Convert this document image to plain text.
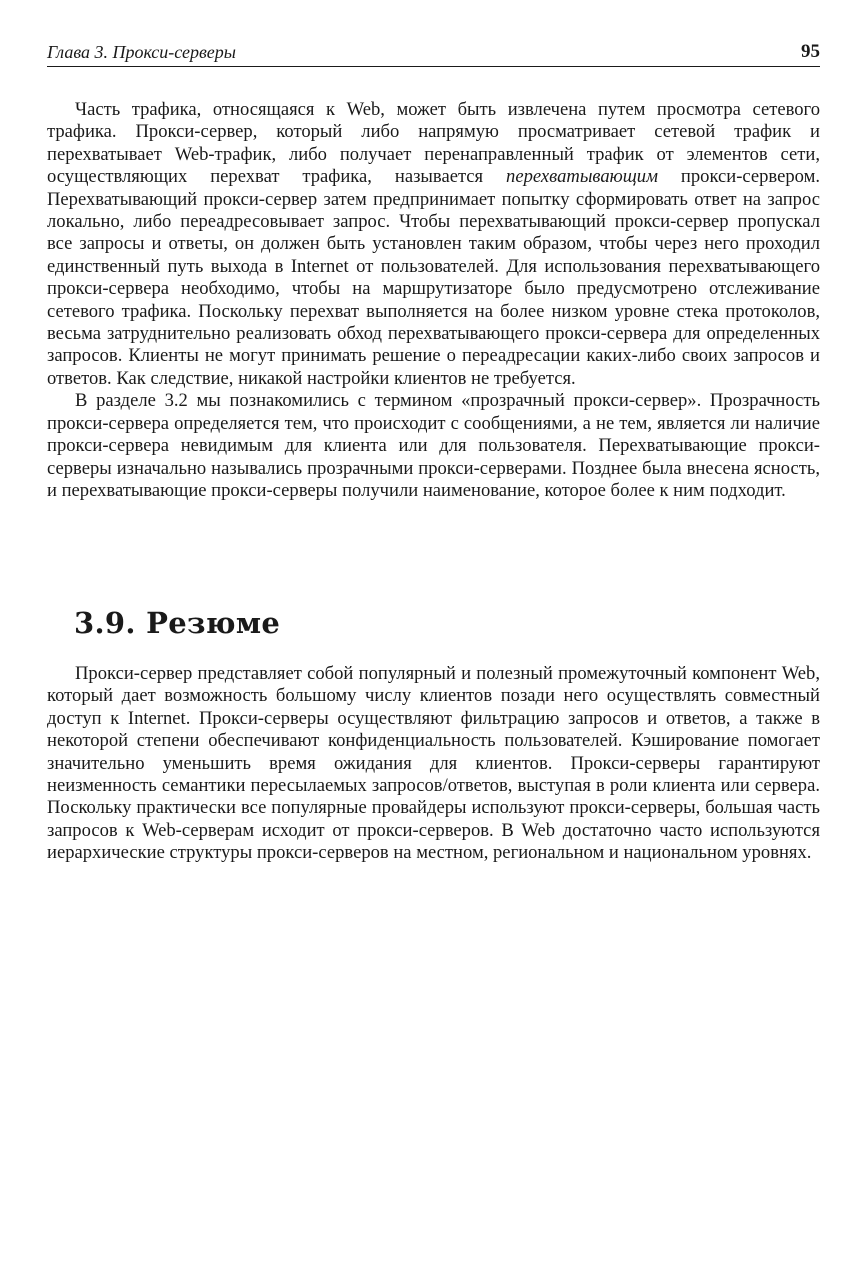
Глава 3. Прокси-серверы	95

Часть трафика, относящаяся к Web, может быть извлечена путем просмотра сетевого трафика. Прокси-сервер, который либо напрямую просматривает сетевой трафик и перехватывает Web-трафик, либо получает перенаправленный трафик от элементов сети, осуществляющих перехват трафика, называется перехватывающим прокси-сервером. Перехватывающий прокси-сервер затем предпринимает попытку сформировать ответ на запрос локально, либо переадресовывает запрос. Чтобы перехватывающий прокси-сервер пропускал все запросы и ответы, он должен быть установлен таким образом, чтобы через него проходил единственный путь выхода в Internet от пользователей. Для использования перехватывающего прокси-сервера необходимо, чтобы на маршрутизаторе было предусмотрено отслеживание сетевого трафика. Поскольку перехват выполняется на более низком уровне стека протоколов, весьма затруднительно реализовать обход перехватывающего прокси-сервера для определенных запросов. Клиенты не могут принимать решение о переадресации каких-либо своих запросов и ответов. Как следствие, никакой настройки клиентов не требуется.

В разделе 3.2 мы познакомились с термином «прозрачный прокси-сервер». Прозрачность прокси-сервера определяется тем, что происходит с сообщениями, а не тем, является ли наличие прокси-сервера невидимым для клиента или для пользователя. Перехватывающие прокси-серверы изначально назывались прозрачными прокси-серверами. Позднее была внесена ясность, и перехватывающие прокси-серверы получили наименование, которое более к ним подходит.

3.9. Резюме

Прокси-сервер представляет собой популярный и полезный промежуточный компонент Web, который дает возможность большому числу клиентов позади него осуществлять совместный доступ к Internet. Прокси-серверы осуществляют фильтрацию запросов и ответов, а также в некоторой степени обеспечивают конфиденциальность пользователей. Кэширование помогает значительно уменьшить время ожидания для клиентов. Прокси-серверы гарантируют неизменность семантики пересылаемых запросов/ответов, выступая в роли клиента или сервера. Поскольку практически все популярные провайдеры используют прокси-серверы, большая часть запросов к Web-серверам исходит от прокси-серверов. В Web достаточно часто используются иерархические структуры прокси-серверов на местном, региональном и национальном уровнях.
